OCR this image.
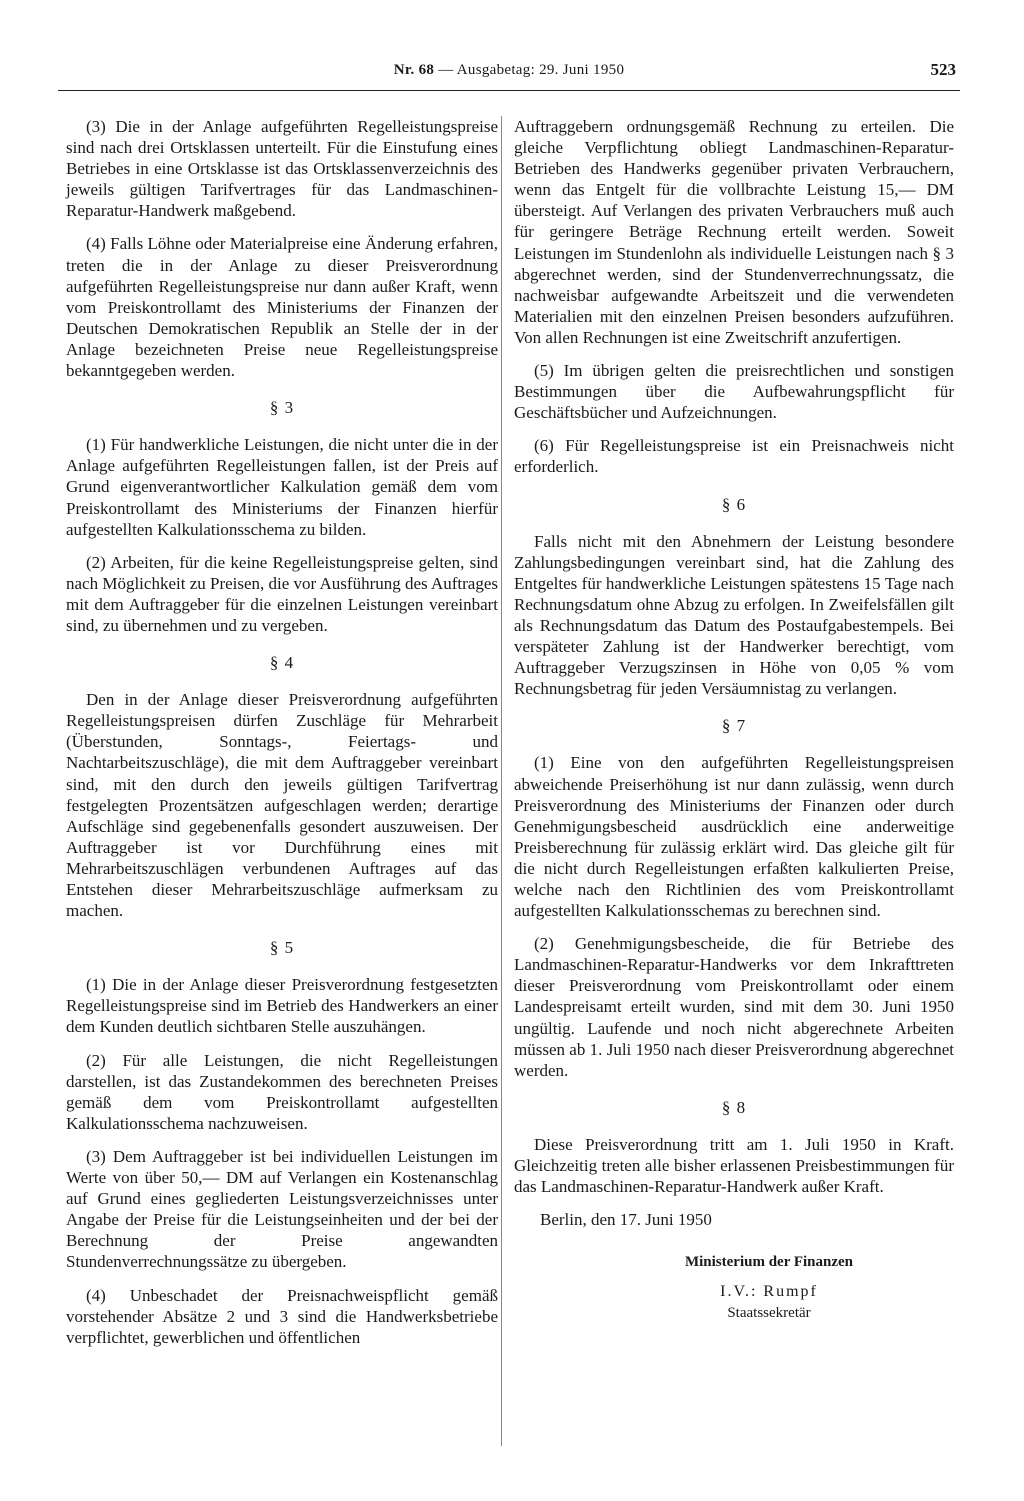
Nr. 68 — Ausgabetag: 29. Juni 1950	523

(3) Die in der Anlage aufgeführten Regelleistungspreise sind nach drei Ortsklassen unterteilt. Für die Einstufung eines Betriebes in eine Ortsklasse ist das Ortsklassenverzeichnis des jeweils gültigen Tarifvertrages für das Landmaschinen-Reparatur-Handwerk maßgebend.

(4) Falls Löhne oder Materialpreise eine Änderung erfahren, treten die in der Anlage zu dieser Preisverordnung aufgeführten Regelleistungspreise nur dann außer Kraft, wenn vom Preiskontrollamt des Ministeriums der Finanzen der Deutschen Demokratischen Republik an Stelle der in der Anlage bezeichneten Preise neue Regelleistungspreise bekanntgegeben werden.

§ 3

(1) Für handwerkliche Leistungen, die nicht unter die in der Anlage aufgeführten Regelleistungen fallen, ist der Preis auf Grund eigenverantwortlicher Kalkulation gemäß dem vom Preiskontrollamt des Ministeriums der Finanzen hierfür aufgestellten Kalkulationsschema zu bilden.

(2) Arbeiten, für die keine Regelleistungspreise gelten, sind nach Möglichkeit zu Preisen, die vor Ausführung des Auftrages mit dem Auftraggeber für die einzelnen Leistungen vereinbart sind, zu übernehmen und zu vergeben.

§ 4

Den in der Anlage dieser Preisverordnung aufgeführten Regelleistungspreisen dürfen Zuschläge für Mehrarbeit (Überstunden, Sonntags-, Feiertags- und Nachtarbeitszuschläge), die mit dem Auftraggeber vereinbart sind, mit den durch den jeweils gültigen Tarifvertrag festgelegten Prozentsätzen aufgeschlagen werden; derartige Aufschläge sind gegebenenfalls gesondert auszuweisen. Der Auftraggeber ist vor Durchführung eines mit Mehrarbeitszuschlägen verbundenen Auftrages auf das Entstehen dieser Mehrarbeitszuschläge aufmerksam zu machen.

§ 5

(1) Die in der Anlage dieser Preisverordnung festgesetzten Regelleistungspreise sind im Betrieb des Handwerkers an einer dem Kunden deutlich sichtbaren Stelle auszuhängen.

(2) Für alle Leistungen, die nicht Regelleistungen darstellen, ist das Zustandekommen des berechneten Preises gemäß dem vom Preiskontrollamt aufgestellten Kalkulationsschema nachzuweisen.

(3) Dem Auftraggeber ist bei individuellen Leistungen im Werte von über 50,— DM auf Verlangen ein Kostenanschlag auf Grund eines gegliederten Leistungsverzeichnisses unter Angabe der Preise für die Leistungseinheiten und der bei der Berechnung der Preise angewandten Stundenverrechnungssätze zu übergeben.

(4) Unbeschadet der Preisnachweispflicht gemäß vorstehender Absätze 2 und 3 sind die Handwerksbetriebe verpflichtet, gewerblichen und öffentlichen

Auftraggebern ordnungsgemäß Rechnung zu erteilen. Die gleiche Verpflichtung obliegt Landmaschinen-Reparatur-Betrieben des Handwerks gegenüber privaten Verbrauchern, wenn das Entgelt für die vollbrachte Leistung 15,— DM übersteigt. Auf Verlangen des privaten Verbrauchers muß auch für geringere Beträge Rechnung erteilt werden. Soweit Leistungen im Stundenlohn als individuelle Leistungen nach § 3 abgerechnet werden, sind der Stundenverrechnungssatz, die nachweisbar aufgewandte Arbeitszeit und die verwendeten Materialien mit den einzelnen Preisen besonders aufzuführen. Von allen Rechnungen ist eine Zweitschrift anzufertigen.

(5) Im übrigen gelten die preisrechtlichen und sonstigen Bestimmungen über die Aufbewahrungspflicht für Geschäftsbücher und Aufzeichnungen.

(6) Für Regelleistungspreise ist ein Preisnachweis nicht erforderlich.

§ 6

Falls nicht mit den Abnehmern der Leistung besondere Zahlungsbedingungen vereinbart sind, hat die Zahlung des Entgeltes für handwerkliche Leistungen spätestens 15 Tage nach Rechnungsdatum ohne Abzug zu erfolgen. In Zweifelsfällen gilt als Rechnungsdatum das Datum des Postaufgabestempels. Bei verspäteter Zahlung ist der Handwerker berechtigt, vom Auftraggeber Verzugszinsen in Höhe von 0,05 % vom Rechnungsbetrag für jeden Versäumnistag zu verlangen.

§ 7

(1) Eine von den aufgeführten Regelleistungspreisen abweichende Preiserhöhung ist nur dann zulässig, wenn durch Preisverordnung des Ministeriums der Finanzen oder durch Genehmigungsbescheid ausdrücklich eine anderweitige Preisberechnung für zulässig erklärt wird. Das gleiche gilt für die nicht durch Regelleistungen erfaßten kalkulierten Preise, welche nach den Richtlinien des vom Preiskontrollamt aufgestellten Kalkulationsschemas zu berechnen sind.

(2) Genehmigungsbescheide, die für Betriebe des Landmaschinen-Reparatur-Handwerks vor dem Inkrafttreten dieser Preisverordnung vom Preiskontrollamt oder einem Landespreisamt erteilt wurden, sind mit dem 30. Juni 1950 ungültig. Laufende und noch nicht abgerechnete Arbeiten müssen ab 1. Juli 1950 nach dieser Preisverordnung abgerechnet werden.

§ 8

Diese Preisverordnung tritt am 1. Juli 1950 in Kraft. Gleichzeitig treten alle bisher erlassenen Preisbestimmungen für das Landmaschinen-Reparatur-Handwerk außer Kraft.

Berlin, den 17. Juni 1950

Ministerium der Finanzen
I.V.: Rumpf
Staatssekretär
